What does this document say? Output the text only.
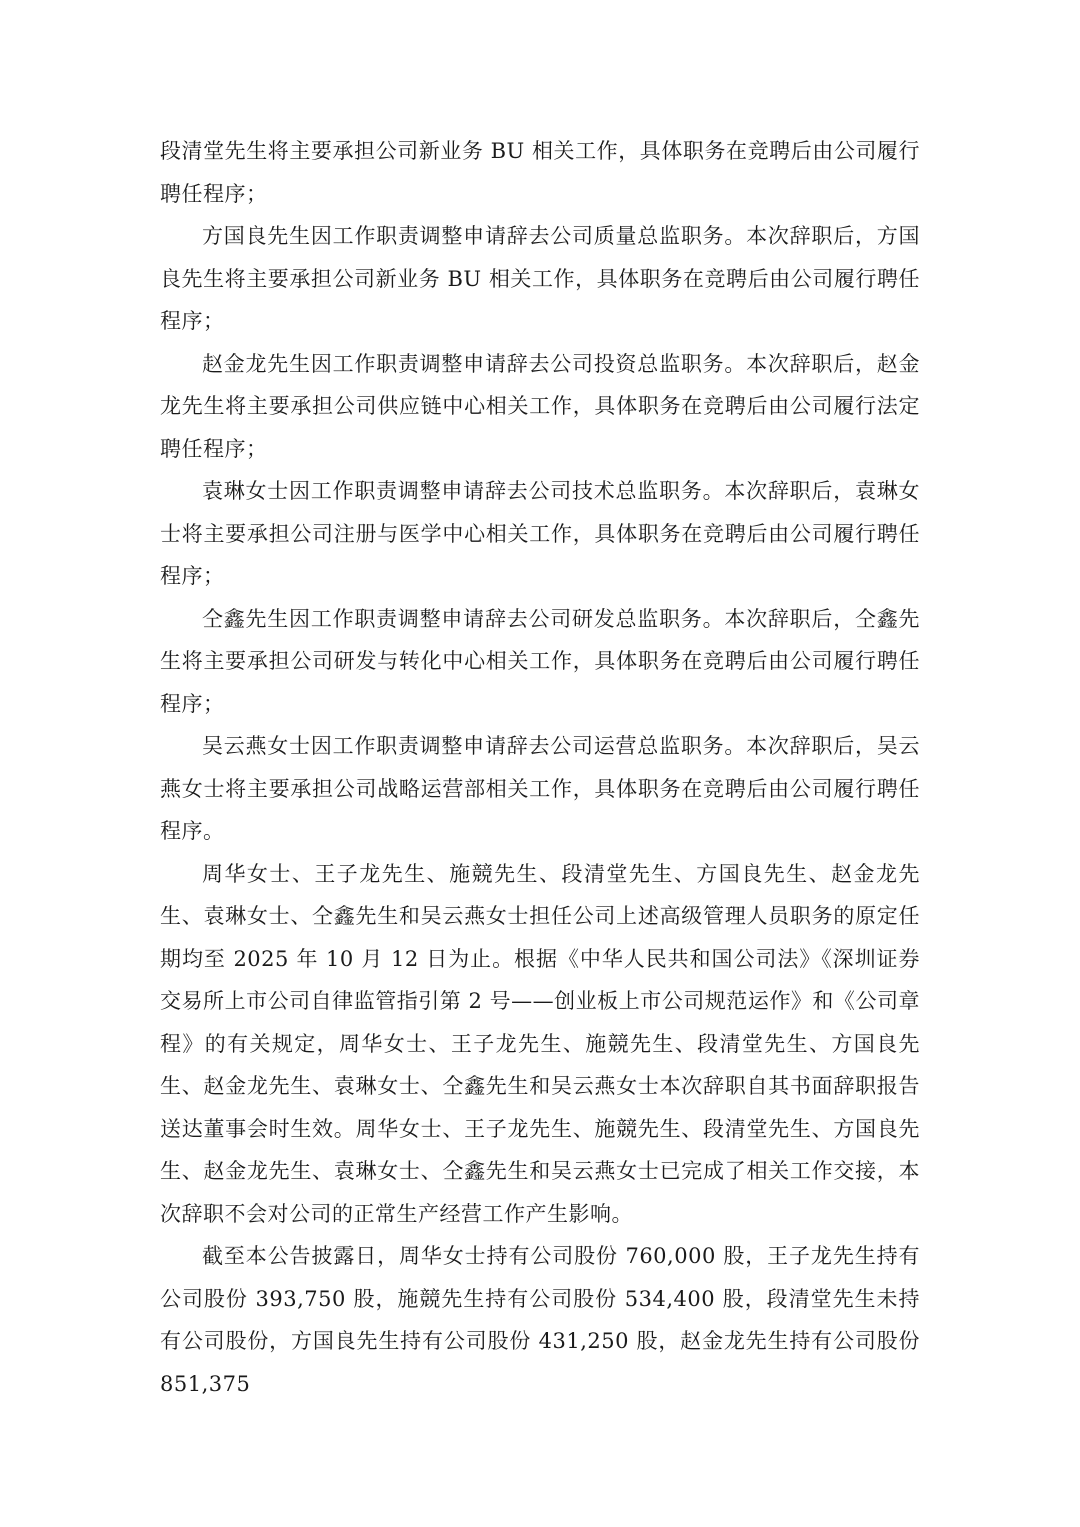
段清堂先生将主要承担公司新业务 BU 相关工作，具体职务在竞聘后由公司履行聘任程序；

方国良先生因工作职责调整申请辞去公司质量总监职务。本次辞职后，方国良先生将主要承担公司新业务 BU 相关工作，具体职务在竞聘后由公司履行聘任程序；

赵金龙先生因工作职责调整申请辞去公司投资总监职务。本次辞职后，赵金龙先生将主要承担公司供应链中心相关工作，具体职务在竞聘后由公司履行法定聘任程序；

袁琳女士因工作职责调整申请辞去公司技术总监职务。本次辞职后，袁琳女士将主要承担公司注册与医学中心相关工作，具体职务在竞聘后由公司履行聘任程序；

仝鑫先生因工作职责调整申请辞去公司研发总监职务。本次辞职后，仝鑫先生将主要承担公司研发与转化中心相关工作，具体职务在竞聘后由公司履行聘任程序；

吴云燕女士因工作职责调整申请辞去公司运营总监职务。本次辞职后，吴云燕女士将主要承担公司战略运营部相关工作，具体职务在竞聘后由公司履行聘任程序。

周华女士、王子龙先生、施競先生、段清堂先生、方国良先生、赵金龙先生、袁琳女士、仝鑫先生和吴云燕女士担任公司上述高级管理人员职务的原定任期均至 2025 年 10 月 12 日为止。根据《中华人民共和国公司法》《深圳证券交易所上市公司自律监管指引第 2 号——创业板上市公司规范运作》和《公司章程》的有关规定，周华女士、王子龙先生、施競先生、段清堂先生、方国良先生、赵金龙先生、袁琳女士、仝鑫先生和吴云燕女士本次辞职自其书面辞职报告送达董事会时生效。周华女士、王子龙先生、施競先生、段清堂先生、方国良先生、赵金龙先生、袁琳女士、仝鑫先生和吴云燕女士已完成了相关工作交接，本次辞职不会对公司的正常生产经营工作产生影响。

截至本公告披露日，周华女士持有公司股份 760,000 股，王子龙先生持有公司股份 393,750 股，施競先生持有公司股份 534,400 股，段清堂先生未持有公司股份，方国良先生持有公司股份 431,250 股，赵金龙先生持有公司股份 851,375
